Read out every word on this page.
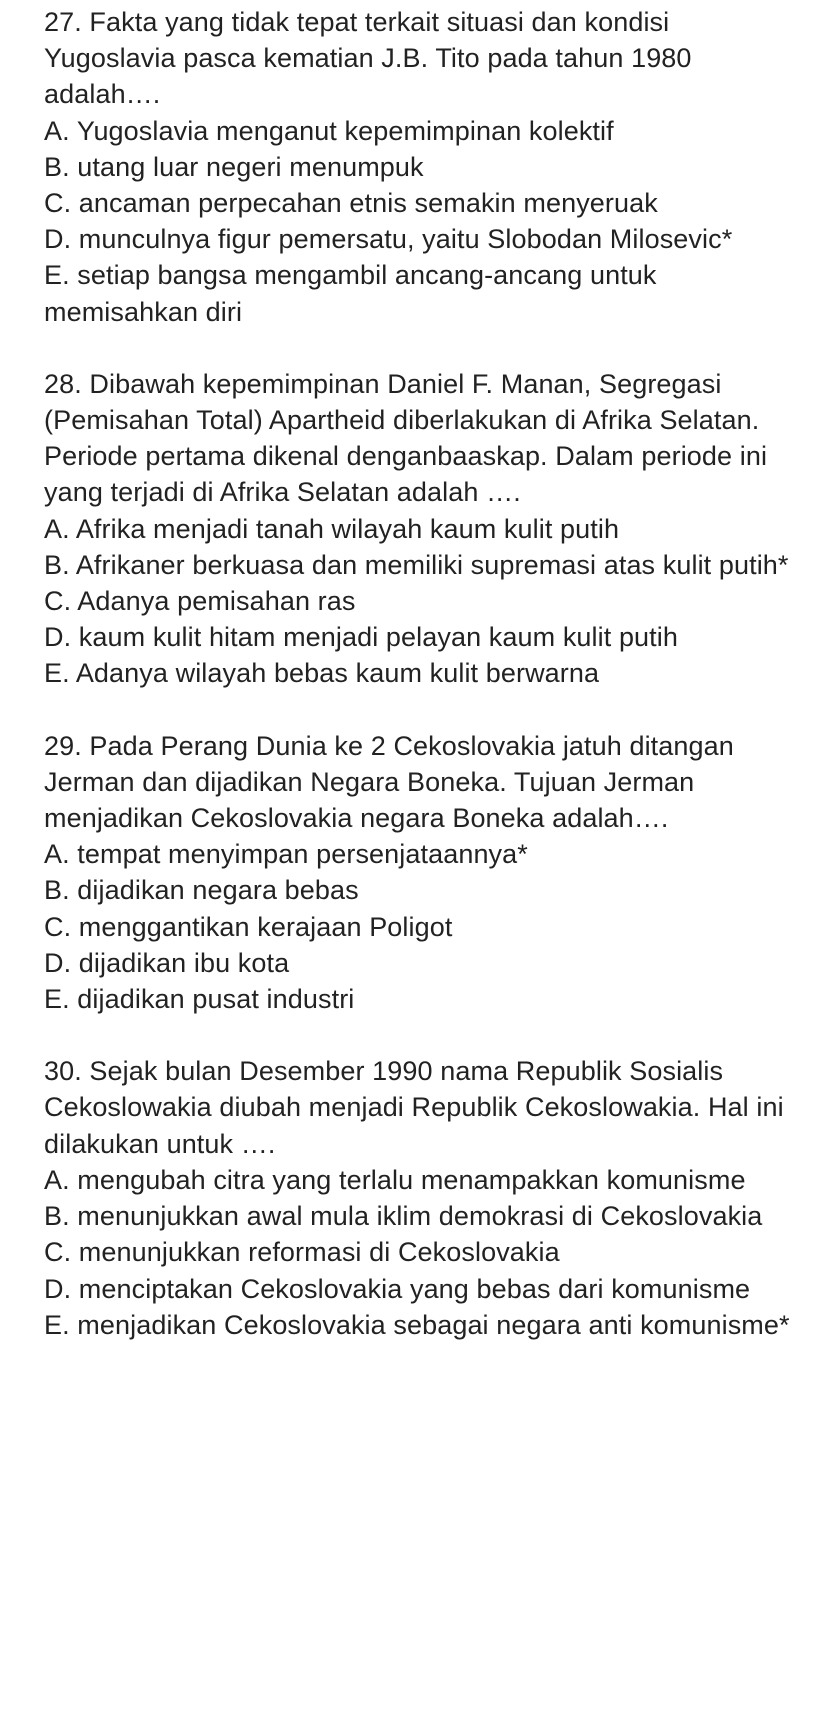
27. Fakta yang tidak tepat terkait situasi dan kondisi Yugoslavia pasca kematian J.B. Tito pada tahun 1980 adalah….

A. Yugoslavia menganut kepemimpinan kolektif
B. utang luar negeri menumpuk
C. ancaman perpecahan etnis semakin menyeruak
D. munculnya figur pemersatu, yaitu Slobodan Milosevic*
E. setiap bangsa mengambil ancang-ancang untuk memisahkan diri

28. Dibawah kepemimpinan Daniel F. Manan, Segregasi (Pemisahan Total) Apartheid diberlakukan di Afrika Selatan. Periode pertama dikenal denganbaaskap. Dalam periode ini yang terjadi di Afrika Selatan adalah ….

A. Afrika menjadi tanah wilayah kaum kulit putih
B. Afrikaner berkuasa dan memiliki supremasi atas kulit putih*
C. Adanya pemisahan ras
D. kaum kulit hitam menjadi pelayan kaum kulit putih
E. Adanya wilayah bebas kaum kulit berwarna

29. Pada Perang Dunia ke 2 Cekoslovakia jatuh ditangan Jerman dan dijadikan Negara Boneka. Tujuan Jerman menjadikan Cekoslovakia negara Boneka adalah….

A. tempat menyimpan persenjataannya*
B. dijadikan negara bebas
C. menggantikan kerajaan Poligot
D. dijadikan ibu kota
E. dijadikan pusat industri

30. Sejak bulan Desember 1990 nama Republik Sosialis Cekoslowakia diubah menjadi Republik Cekoslowakia. Hal ini dilakukan untuk ….

A. mengubah citra yang terlalu menampakkan komunisme
B. menunjukkan awal mula iklim demokrasi di Cekoslovakia
C. menunjukkan reformasi di Cekoslovakia
D. menciptakan Cekoslovakia yang bebas dari komunisme
E. menjadikan Cekoslovakia sebagai negara anti komunisme*
